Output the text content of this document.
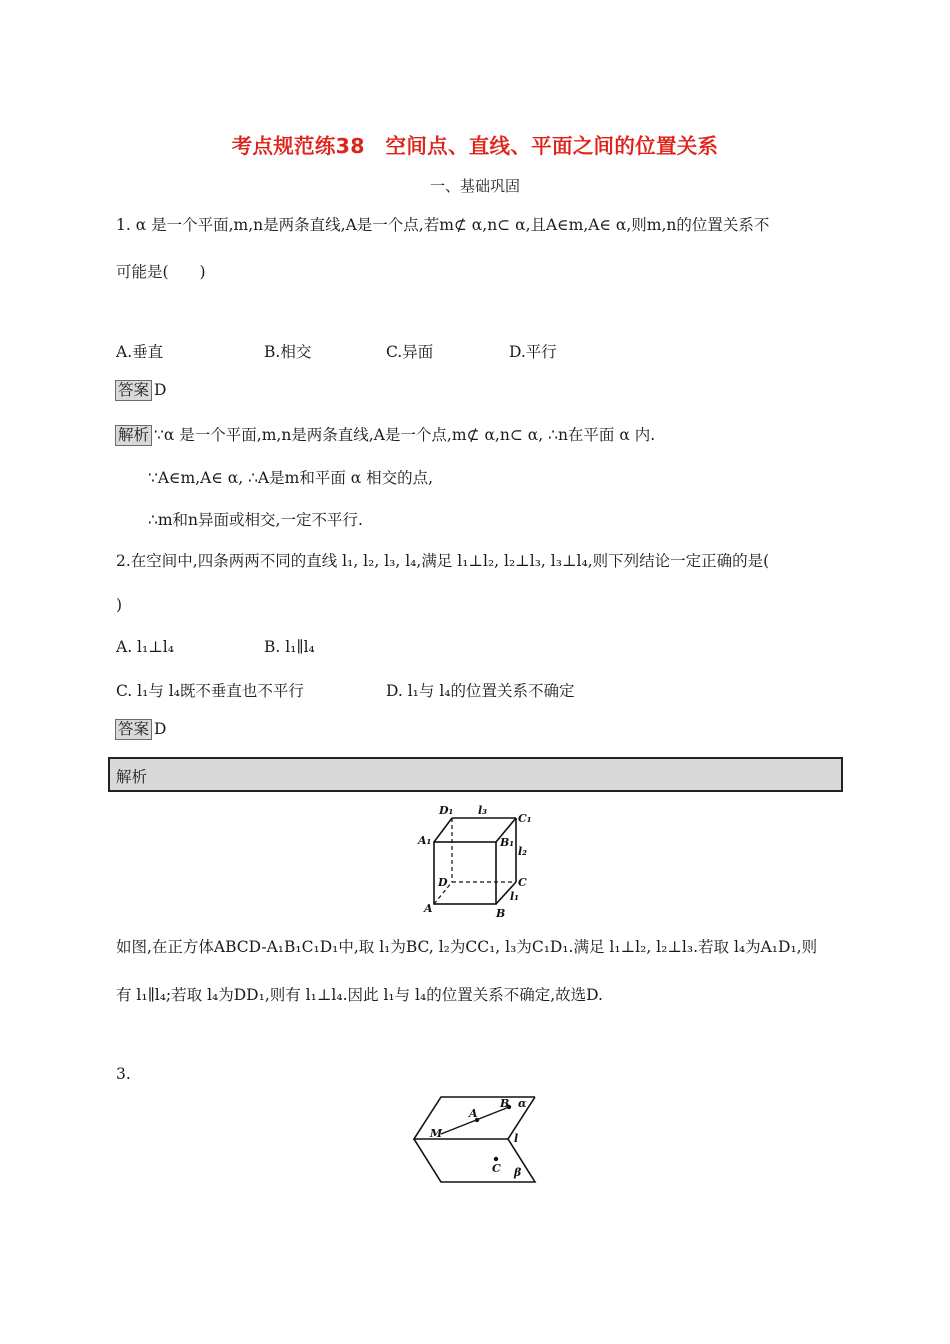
考点规范练38　空间点、直线、平面之间的位置关系
一、基础巩固
1. α 是一个平面,m,n是两条直线,A是一个点,若m⊄ α,n⊂ α,且A∈m,A∈ α,则m,n的位置关系不
可能是(　　)
A.垂直	B.相交	C.异面	D.平行
答案 D
解析 ∵α 是一个平面,m,n是两条直线,A是一个点,m⊄ α,n⊂ α, ∴n在平面 α 内.
∵A∈m,A∈ α, ∴A是m和平面 α 相交的点,
∴m和n异面或相交,一定不平行.
2.在空间中,四条两两不同的直线 l₁, l₂, l₃, l₄,满足 l₁⊥l₂, l₂⊥l₃, l₃⊥l₄,则下列结论一定正确的是(
)
A. l₁⊥l₄	B. l₁∥l₄
C. l₁与 l₄既不垂直也不平行	D. l₁与 l₄的位置关系不确定
答案 D
解析
D₁ l₃
C₁
A₁	B₁
l₂
D	C
A	B
l₁
如图,在正方体ABCD-A₁B₁C₁D₁中,取 l₁为BC, l₂为CC₁, l₃为C₁D₁.满足 l₁⊥l₂, l₂⊥l₃.若取 l₄为A₁D₁,则
有 l₁∥l₄;若取 l₄为DD₁,则有 l₁⊥l₄.因此 l₁与 l₄的位置关系不确定,故选D.
3.
M
A
B α
l
C β
